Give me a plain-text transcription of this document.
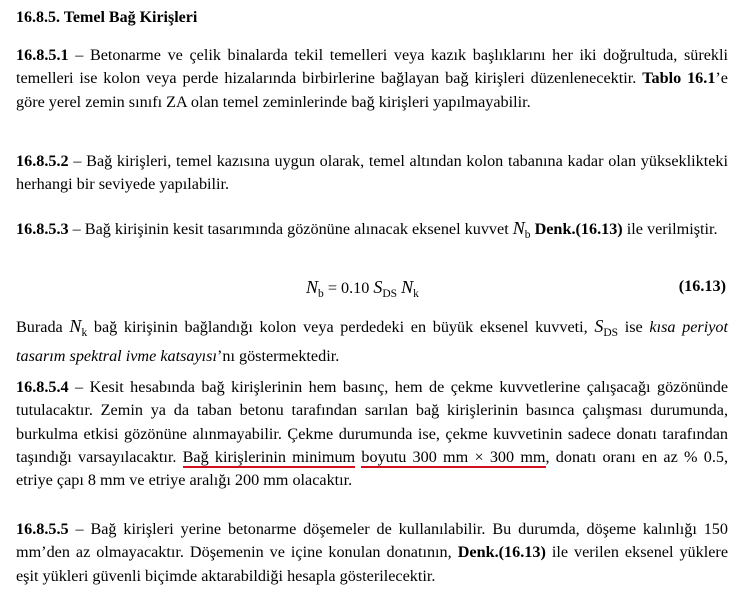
16.8.5. Temel Bağ Kirişleri
16.8.5.1 – Betonarme ve çelik binalarda tekil temelleri veya kazık başlıklarını her iki doğrultuda, sürekli temelleri ise kolon veya perde hizalarında birbirlerine bağlayan bağ kirişleri düzenlenecektir. Tablo 16.1’e göre yerel zemin sınıfı ZA olan temel zeminlerinde bağ kirişleri yapılmayabilir.
16.8.5.2 – Bağ kirişleri, temel kazısına uygun olarak, temel altından kolon tabanına kadar olan yükseklikteki herhangi bir seviyede yapılabilir.
16.8.5.3 – Bağ kirişinin kesit tasarımında gözönüne alınacak eksenel kuvvet $N_b$ Denk.(16.13) ile verilmiştir.
$N_b = 0.10$ $S_{DS}$ $N_k$	(16.13)
Burada $N_k$ bağ kirişinin bağlandığı kolon veya perdedeki en büyük eksenel kuvveti, $S_{DS}$ ise kısa periyot tasarım spektral ivme katsayısı’nı göstermektedir.
16.8.5.4 – Kesit hesabında bağ kirişlerinin hem basınç, hem de çekme kuvvetlerine çalışacağı gözönünde tutulacaktır. Zemin ya da taban betonu tarafından sarılan bağ kirişlerinin basınca çalışması durumunda, burkulma etkisi gözönüne alınmayabilir. Çekme durumunda ise, çekme kuvvetinin sadece donatı tarafından taşındığı varsayılacaktır. Bağ kirişlerinin minimum boyutu 300 mm × 300 mm, donatı oranı en az % 0.5, etriye çapı 8 mm ve etriye aralığı 200 mm olacaktır.
16.8.5.5 – Bağ kirişleri yerine betonarme döşemeler de kullanılabilir. Bu durumda, döşeme kalınlığı 150 mm’den az olmayacaktır. Döşemenin ve içine konulan donatının, Denk.(16.13) ile verilen eksenel yüklere eşit yükleri güvenli biçimde aktarabildiği hesapla gösterilecektir.
